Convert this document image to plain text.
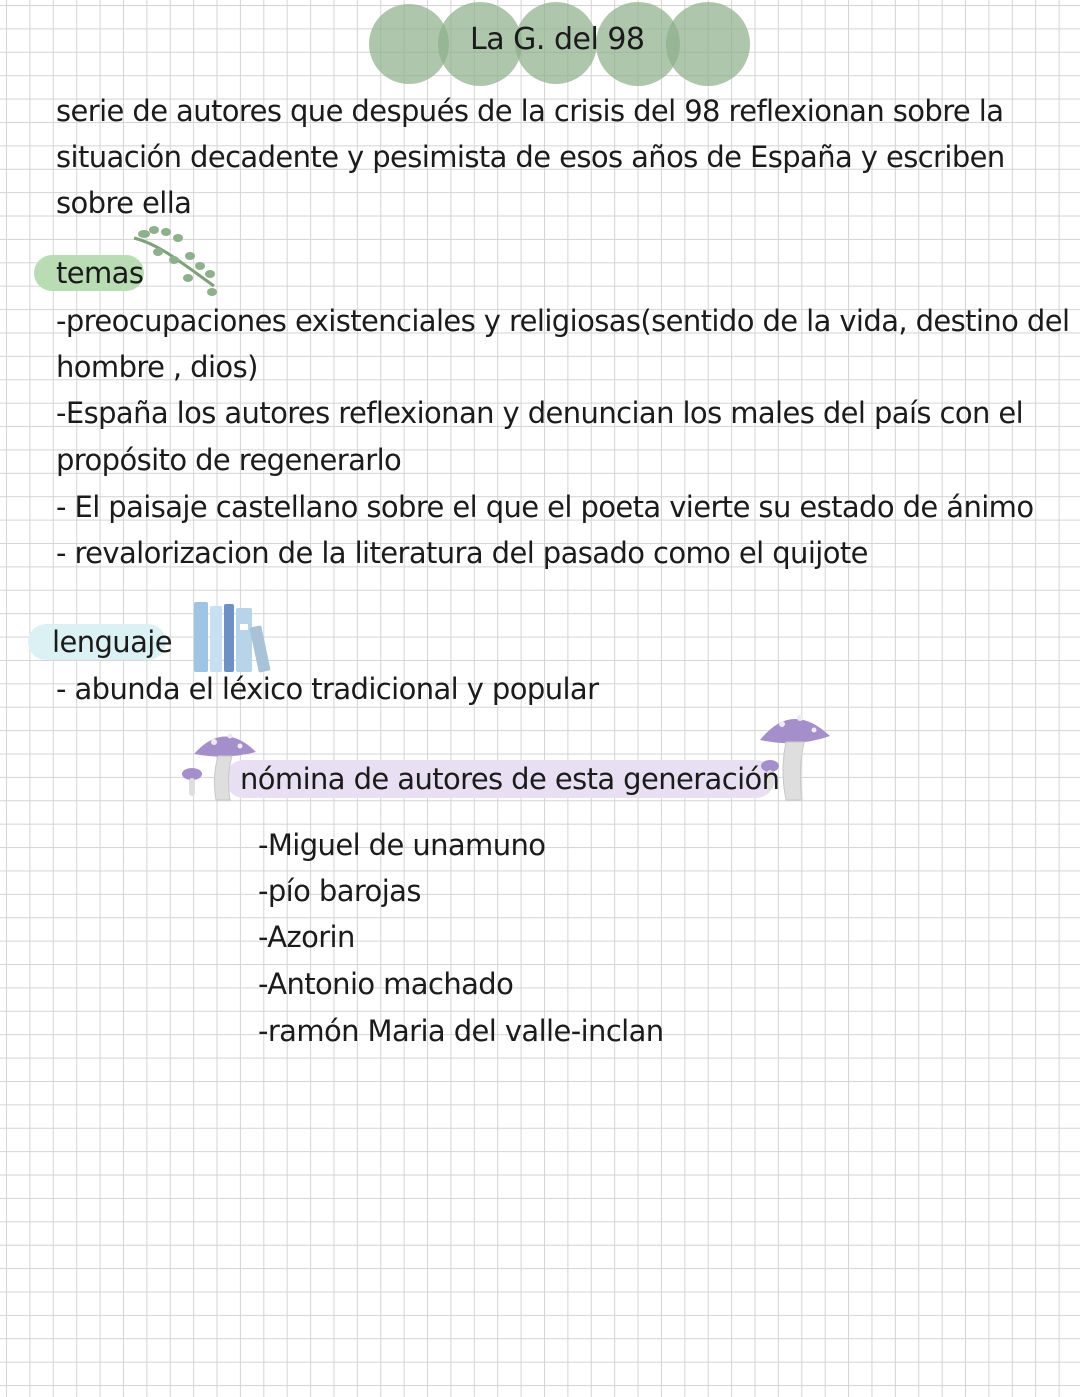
La G. del 98
serie de autores que después de la crisis del 98 reflexionan sobre la
situación decadente y pesimista de esos años de España y escriben
sobre ella
temas
-preocupaciones existenciales y religiosas(sentido de la vida, destino del
hombre , dios)
-España los autores reflexionan y denuncian los males del país con el
propósito de regenerarlo
- El paisaje castellano sobre el que el poeta vierte su estado de ánimo
- revalorizacion de la literatura del pasado como el quijote
lenguaje
- abunda el léxico tradicional y popular
nómina de autores de esta generación
-Miguel de unamuno
-pío barojas
-Azorin
-Antonio machado
-ramón Maria del valle-inclan
